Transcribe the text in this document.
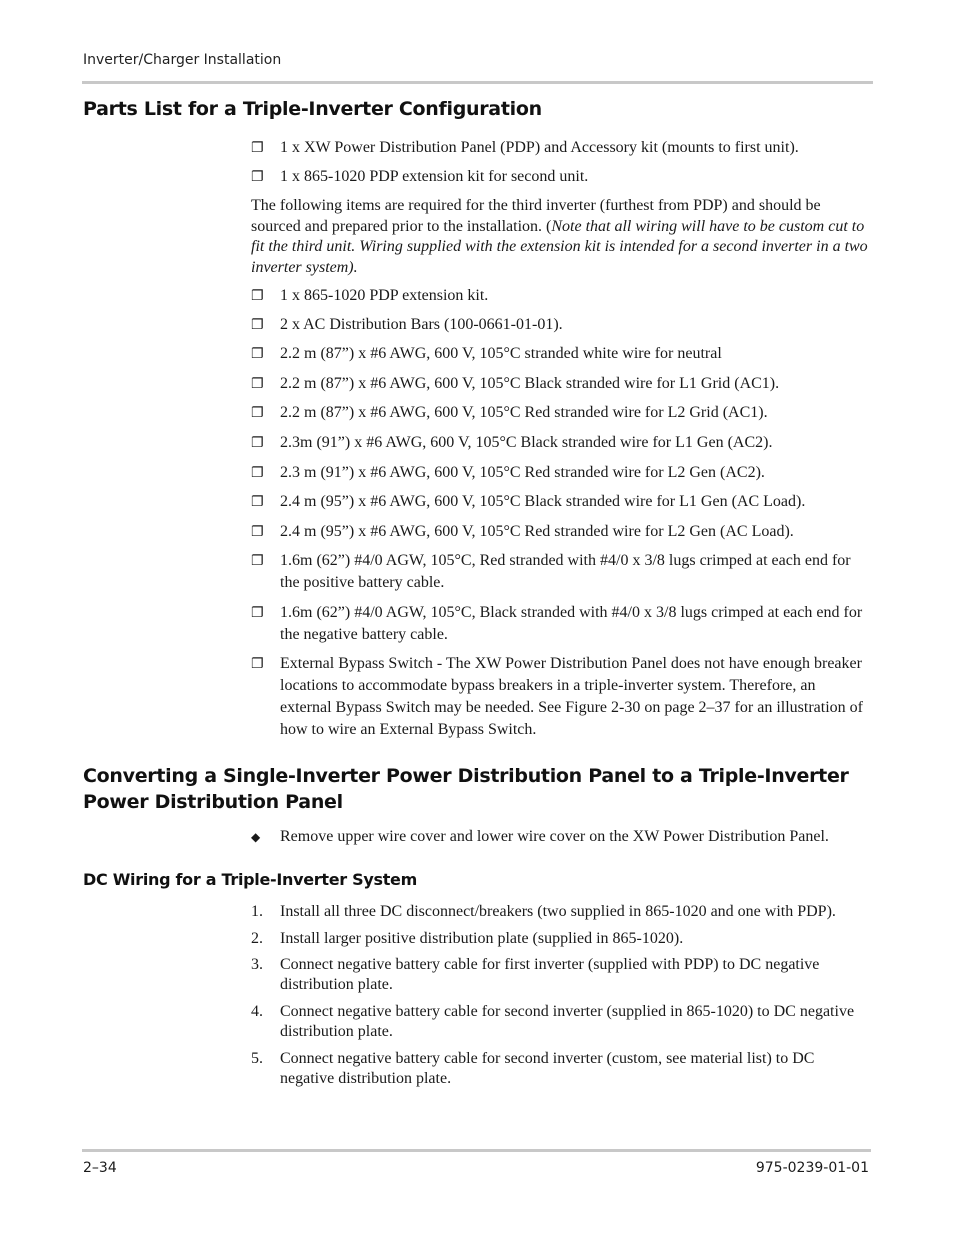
Inverter/Charger Installation
Parts List for a Triple-Inverter Configuration
❐	1 x XW Power Distribution Panel (PDP) and Accessory kit (mounts to first unit).
❐	1 x 865-1020 PDP extension kit for second unit.
The following items are required for the third inverter (furthest from PDP) and should be sourced and prepared prior to the installation. (Note that all wiring will have to be custom cut to fit the third unit. Wiring supplied with the extension kit is intended for a second inverter in a two inverter system).
❐	1 x 865-1020 PDP extension kit.
❐	2 x AC Distribution Bars (100-0661-01-01).
❐	2.2 m (87”) x #6 AWG, 600 V, 105°C stranded white wire for neutral
❐	2.2 m (87”) x #6 AWG, 600 V, 105°C Black stranded wire for L1 Grid (AC1).
❐	2.2 m (87”) x #6 AWG, 600 V, 105°C Red stranded wire for L2 Grid (AC1).
❐	2.3m (91”) x #6 AWG, 600 V, 105°C Black stranded wire for L1 Gen (AC2).
❐	2.3 m (91”) x #6 AWG, 600 V, 105°C Red stranded wire for L2 Gen (AC2).
❐	2.4 m (95”) x #6 AWG, 600 V, 105°C Black stranded wire for L1 Gen (AC Load).
❐	2.4 m (95”) x #6 AWG, 600 V, 105°C Red stranded wire for L2 Gen (AC Load).
❐	1.6m (62”) #4/0 AGW, 105°C, Red stranded with #4/0 x 3/8 lugs crimped at each end for the positive battery cable.
❐	1.6m (62”) #4/0 AGW, 105°C, Black stranded with #4/0 x 3/8 lugs crimped at each end for the negative battery cable.
❐	External Bypass Switch - The XW Power Distribution Panel does not have enough breaker locations to accommodate bypass breakers in a triple-inverter system. Therefore, an external Bypass Switch may be needed. See Figure 2-30 on page 2–37 for an illustration of how to wire an External Bypass Switch.
Converting a Single-Inverter Power Distribution Panel to a Triple-Inverter Power Distribution Panel
◆	Remove upper wire cover and lower wire cover on the XW Power Distribution Panel.
DC Wiring for a Triple-Inverter System
1. Install all three DC disconnect/breakers (two supplied in 865-1020 and one with PDP).
2. Install larger positive distribution plate (supplied in 865-1020).
3. Connect negative battery cable for first inverter (supplied with PDP) to DC negative distribution plate.
4. Connect negative battery cable for second inverter (supplied in 865-1020) to DC negative distribution plate.
5. Connect negative battery cable for second inverter (custom, see material list) to DC negative distribution plate.
2–34	975-0239-01-01
